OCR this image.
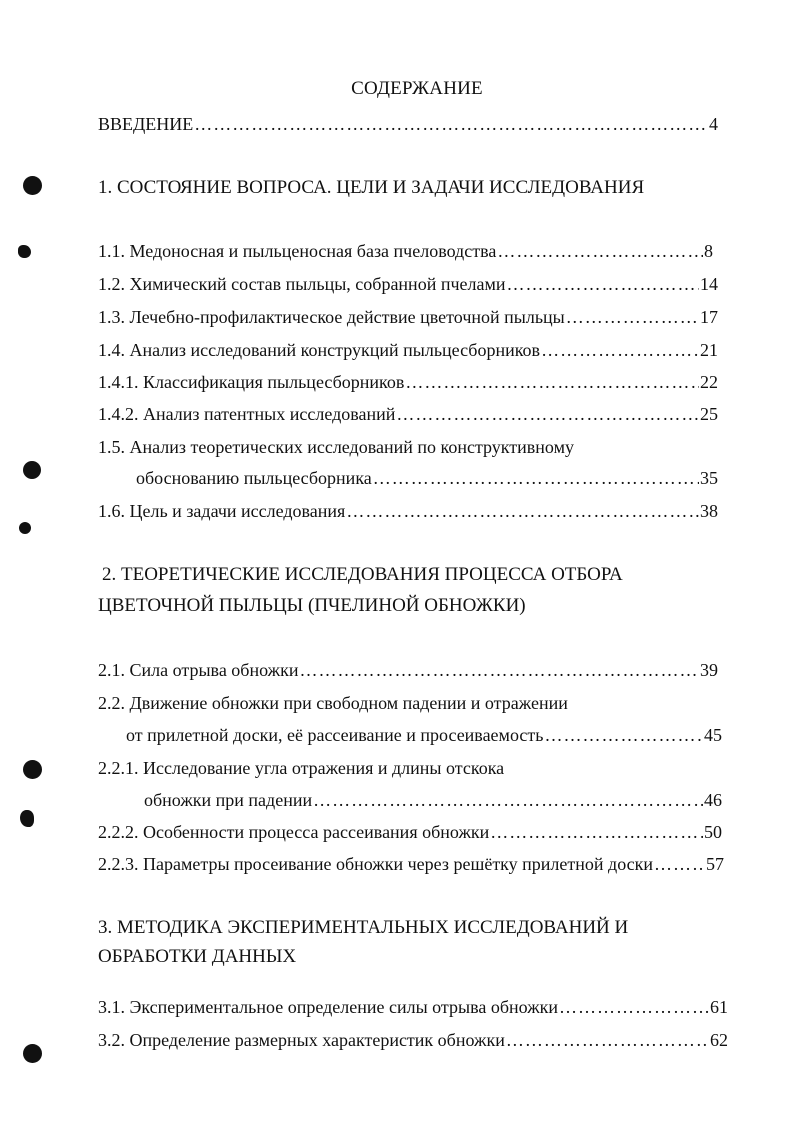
СОДЕРЖАНИЕ
ВВЕДЕНИЕ …………………………………………………………………………………………………………………………………………	4
1. СОСТОЯНИЕ ВОПРОСА. ЦЕЛИ И ЗАДАЧИ ИССЛЕДОВАНИЯ
1.1. Медоносная и пыльценосная база пчеловодства …………………………………………………………………………………………………………………………………………	8
1.2. Химический состав пыльцы, собранной пчелами …………………………………………………………………………………………………………………………………………	14
1.3. Лечебно-профилактическое действие цветочной пыльцы …………………………………………………………………………………………………………………………………………	17
1.4. Анализ исследований конструкций пыльцесборников …………………………………………………………………………………………………………………………………………	21
1.4.1. Классификация пыльцесборников …………………………………………………………………………………………………………………………………………	22
1.4.2. Анализ патентных исследований …………………………………………………………………………………………………………………………………………	25
1.5. Анализ теоретических исследований по конструктивному
обоснованию пыльцесборника …………………………………………………………………………………………………………………………………………	35
1.6. Цель и задачи исследования …………………………………………………………………………………………………………………………………………	38
2. ТЕОРЕТИЧЕСКИЕ ИССЛЕДОВАНИЯ ПРОЦЕССА ОТБОРА
ЦВЕТОЧНОЙ ПЫЛЬЦЫ (ПЧЕЛИНОЙ ОБНОЖКИ)
2.1. Сила отрыва обножки …………………………………………………………………………………………………………………………………………	39
2.2. Движение обножки при свободном падении и отражении
от прилетной доски, её рассеивание и просеиваемость …………………………………………………………………………………………………………………………………………	45
2.2.1. Исследование угла отражения и длины отскока
обножки при падении …………………………………………………………………………………………………………………………………………	46
2.2.2. Особенности процесса рассеивания обножки …………………………………………………………………………………………………………………………………………	50
2.2.3. Параметры просеивание обножки через решётку прилетной доски …………………………………………………………………………………………………………………………………………	57
3. МЕТОДИКА ЭКСПЕРИМЕНТАЛЬНЫХ ИССЛЕДОВАНИЙ И
ОБРАБОТКИ ДАННЫХ
3.1. Экспериментальное определение силы отрыва обножки …………………………………………………………………………………………………………………………………………	61
3.2. Определение размерных характеристик обножки …………………………………………………………………………………………………………………………………………	62
